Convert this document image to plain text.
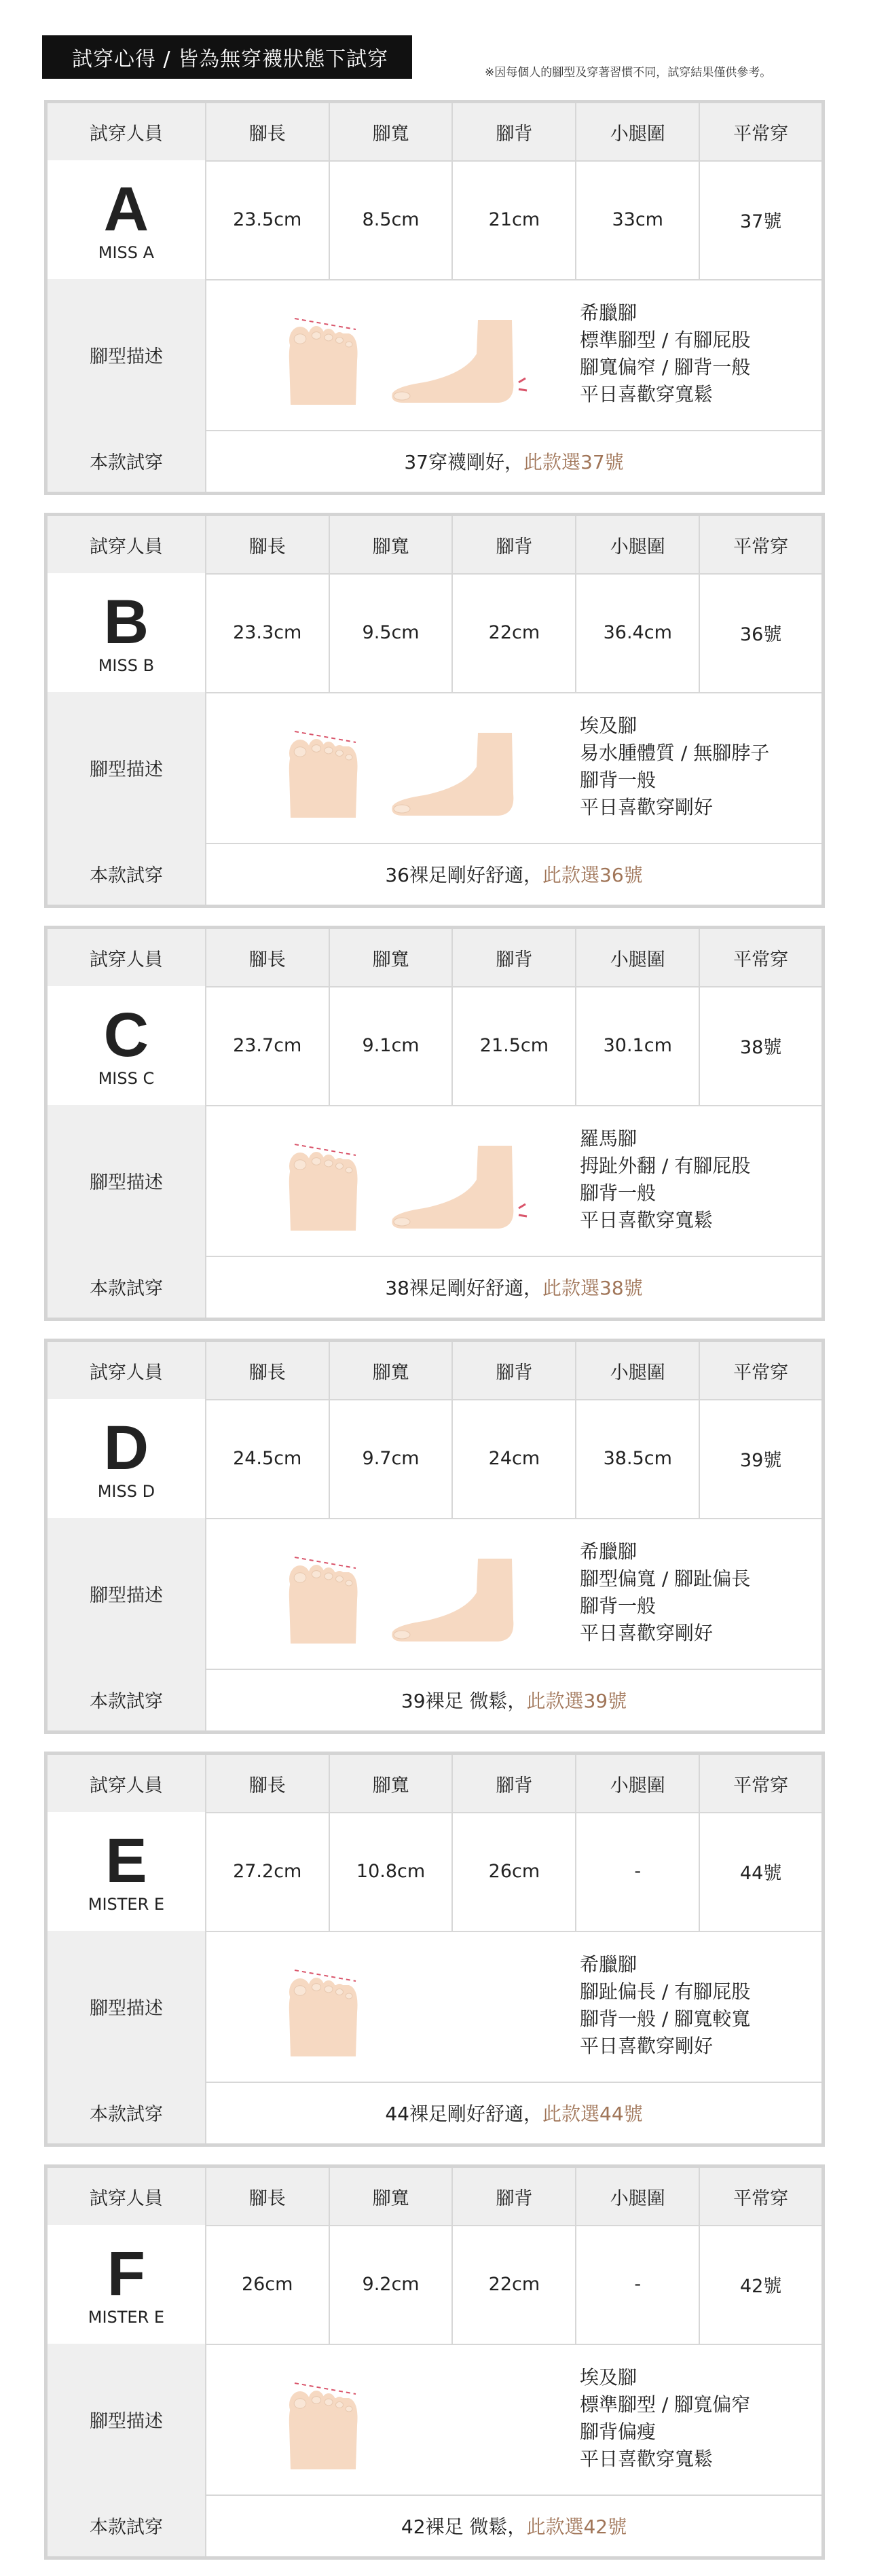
試穿心得 / 皆為無穿襪狀態下試穿
※因每個人的腳型及穿著習慣不同，試穿結果僅供參考。
試穿人員	腳長	腳寬	腳背	小腿圍	平常穿
A
MISS A
23.5cm	8.5cm	21cm	33cm	37號
腳型描述
希臘腳
標準腳型 / 有腳屁股
腳寬偏窄 / 腳背一般
平日喜歡穿寬鬆
本款試穿	37穿襪剛好， 此款選37號
試穿人員	腳長	腳寬	腳背	小腿圍	平常穿
B
MISS B
23.3cm	9.5cm	22cm	36.4cm	36號
腳型描述
埃及腳
易水腫體質 / 無腳脖子
腳背一般
平日喜歡穿剛好
本款試穿	36裸足剛好舒適， 此款選36號
試穿人員	腳長	腳寬	腳背	小腿圍	平常穿
C
MISS C
23.7cm	9.1cm	21.5cm	30.1cm	38號
腳型描述
羅馬腳
拇趾外翻 / 有腳屁股
腳背一般
平日喜歡穿寬鬆
本款試穿	38裸足剛好舒適， 此款選38號
試穿人員	腳長	腳寬	腳背	小腿圍	平常穿
D
MISS D
24.5cm	9.7cm	24cm	38.5cm	39號
腳型描述
希臘腳
腳型偏寬 / 腳趾偏長
腳背一般
平日喜歡穿剛好
本款試穿	39裸足 微鬆， 此款選39號
試穿人員	腳長	腳寬	腳背	小腿圍	平常穿
E
MISTER E
27.2cm	10.8cm	26cm	-	44號
腳型描述
希臘腳
腳趾偏長 / 有腳屁股
腳背一般 / 腳寬較寬
平日喜歡穿剛好
本款試穿	44裸足剛好舒適， 此款選44號
試穿人員	腳長	腳寬	腳背	小腿圍	平常穿
F
MISTER E
26cm	9.2cm	22cm	-	42號
腳型描述
埃及腳
標準腳型 / 腳寬偏窄
腳背偏瘦
平日喜歡穿寬鬆
本款試穿	42裸足 微鬆， 此款選42號
